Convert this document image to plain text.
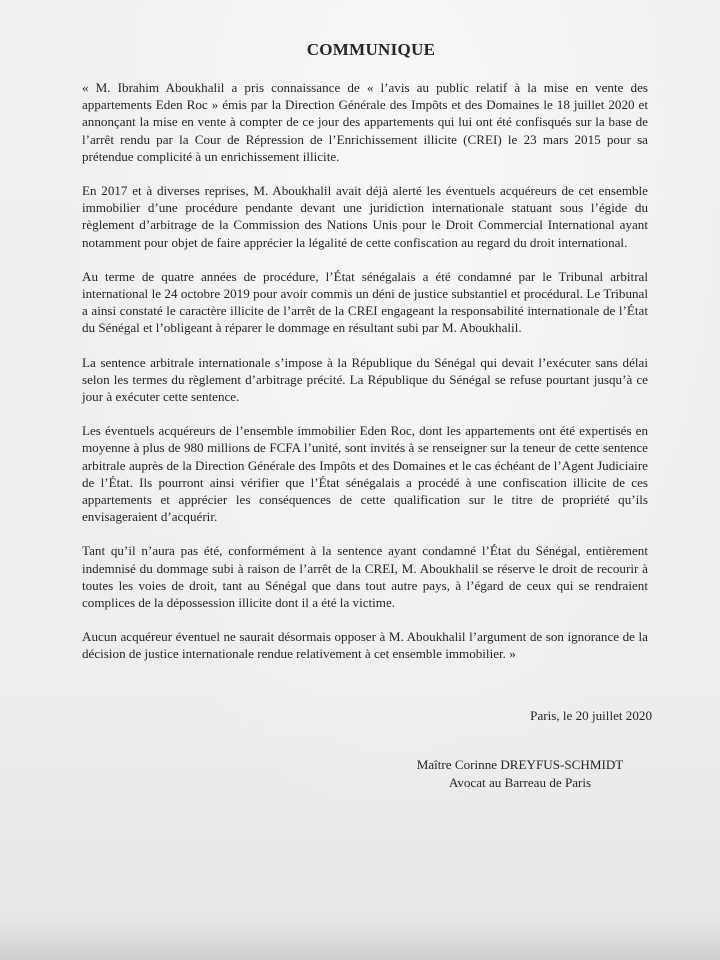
COMMUNIQUE

« M. Ibrahim Aboukhalil a pris connaissance de « l’avis au public relatif à la mise en vente des appartements Eden Roc » émis par la Direction Générale des Impôts et des Domaines le 18 juillet 2020 et annonçant la mise en vente à compter de ce jour des appartements qui lui ont été confisqués sur la base de l’arrêt rendu par la Cour de Répression de l’Enrichissement illicite (CREI) le 23 mars 2015 pour sa prétendue complicité à un enrichissement illicite.

En 2017 et à diverses reprises, M. Aboukhalil avait déjà alerté les éventuels acquéreurs de cet ensemble immobilier d’une procédure pendante devant une juridiction internationale statuant sous l’égide du règlement d’arbitrage de la Commission des Nations Unis pour le Droit Commercial International ayant notamment pour objet de faire apprécier la légalité de cette confiscation au regard du droit international.

Au terme de quatre années de procédure, l’État sénégalais a été condamné par le Tribunal arbitral international le 24 octobre 2019 pour avoir commis un déni de justice substantiel et procédural. Le Tribunal a ainsi constaté le caractère illicite de l’arrêt de la CREI engageant la responsabilité internationale de l’État du Sénégal et l’obligeant à réparer le dommage en résultant subi par M. Aboukhalil.

La sentence arbitrale internationale s’impose à la République du Sénégal qui devait l’exécuter sans délai selon les termes du règlement d’arbitrage précité. La République du Sénégal se refuse pourtant jusqu’à ce jour à exécuter cette sentence.

Les éventuels acquéreurs de l’ensemble immobilier Eden Roc, dont les appartements ont été expertisés en moyenne à plus de 980 millions de FCFA l’unité, sont invités à se renseigner sur la teneur de cette sentence arbitrale auprès de la Direction Générale des Impôts et des Domaines et le cas échéant de l’Agent Judiciaire de l’État. Ils pourront ainsi vérifier que l’État sénégalais a procédé à une confiscation illicite de ces appartements et apprécier les conséquences de cette qualification sur le titre de propriété qu’ils envisageraient d’acquérir.

Tant qu’il n’aura pas été, conformément à la sentence ayant condamné l’État du Sénégal, entièrement indemnisé du dommage subi à raison de l’arrêt de la CREI, M. Aboukhalil se réserve le droit de recourir à toutes les voies de droit, tant au Sénégal que dans tout autre pays, à l’égard de ceux qui se rendraient complices de la dépossession illicite dont il a été la victime.

Aucun acquéreur éventuel ne saurait désormais opposer à M. Aboukhalil l’argument de son ignorance de la décision de justice internationale rendue relativement à cet ensemble immobilier. »

Paris, le 20 juillet 2020
Maître Corinne DREYFUS-SCHMIDT
Avocat au Barreau de Paris
